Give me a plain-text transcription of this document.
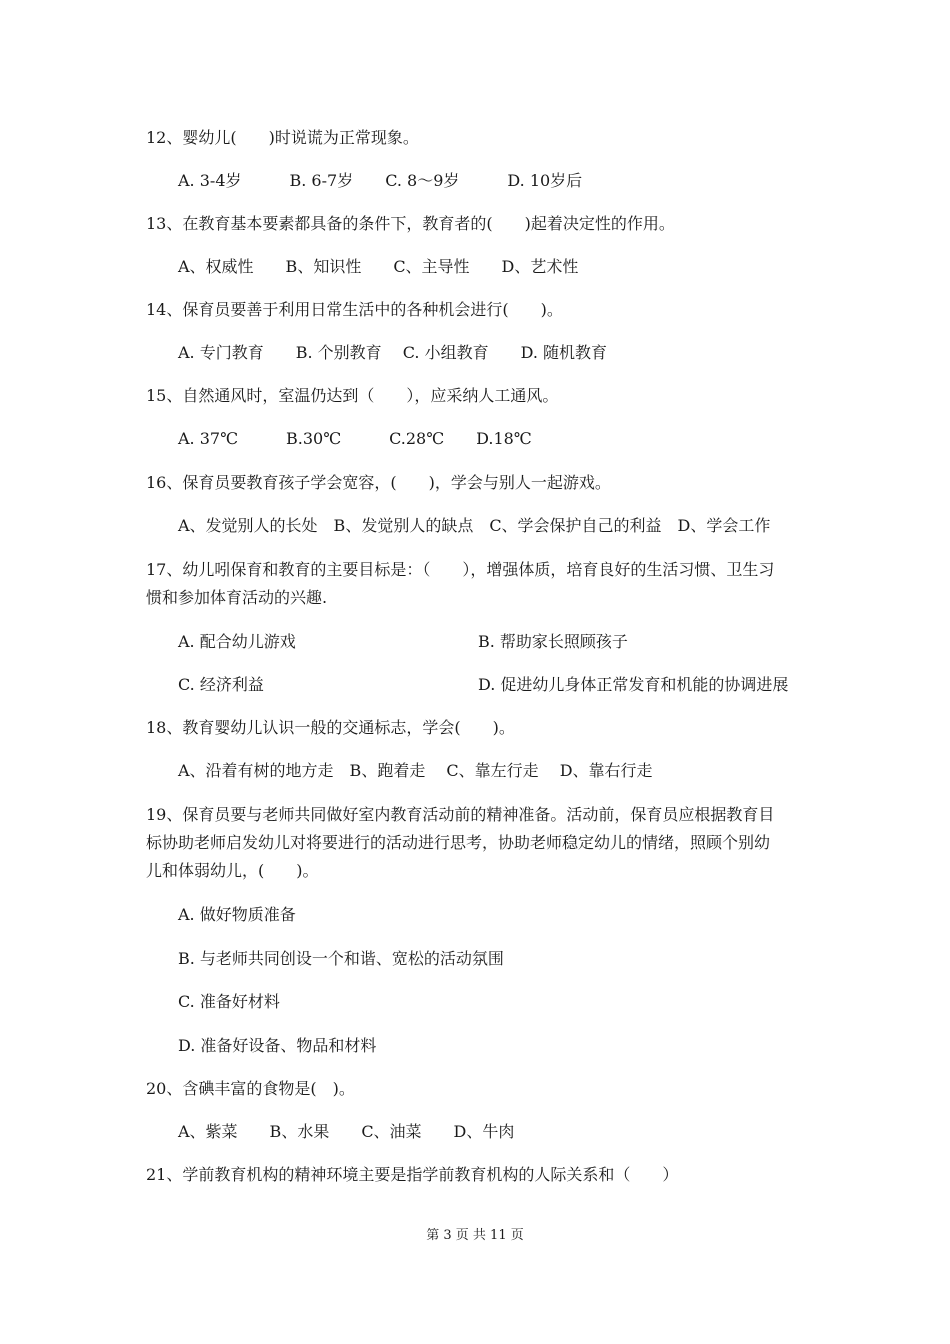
12、婴幼儿(　　)时说谎为正常现象。
A. 3-4岁　　　B. 6-7岁　　C. 8～9岁　　　D. 10岁后
13、在教育基本要素都具备的条件下，教育者的(　　)起着决定性的作用。
A、权威性　　B、知识性　　C、主导性　　D、艺术性
14、保育员要善于利用日常生活中的各种机会进行(　　)。
A. 专门教育　　B. 个别教育　 C. 小组教育　　D. 随机教育
15、自然通风时，室温仍达到（　　），应采纳人工通风。
A. 37℃　　　B.30℃　　　C.28℃　　D.18℃
16、保育员要教育孩子学会宽容，(　　)，学会与别人一起游戏。
A、发觉别人的长处　B、发觉别人的缺点　C、学会保护自己的利益　D、学会工作
17、幼儿吲保育和教育的主要目标是：（　　），增强体质，培育良好的生活习惯、卫生习
惯和参加体育活动的兴趣.
A. 配合幼儿游戏	B. 帮助家长照顾孩子
C. 经济利益	D. 促进幼儿身体正常发育和机能的协调进展
18、教育婴幼儿认识一般的交通标志，学会(　　)。
A、沿着有树的地方走　B、跑着走　 C、靠左行走　 D、靠右行走
19、保育员要与老师共同做好室内教育活动前的精神准备。活动前，保育员应根据教育目
标协助老师启发幼儿对将要进行的活动进行思考，协助老师稳定幼儿的情绪，照顾个别幼
儿和体弱幼儿，(　　)。
A. 做好物质准备
B. 与老师共同创设一个和谐、宽松的活动氛围
C. 准备好材料
D. 准备好设备、物品和材料
20、含碘丰富的食物是(　)。
A、紫菜　　B、水果　　C、油菜　　D、牛肉
21、学前教育机构的精神环境主要是指学前教育机构的人际关系和（　　）
第 3 页 共 11 页
